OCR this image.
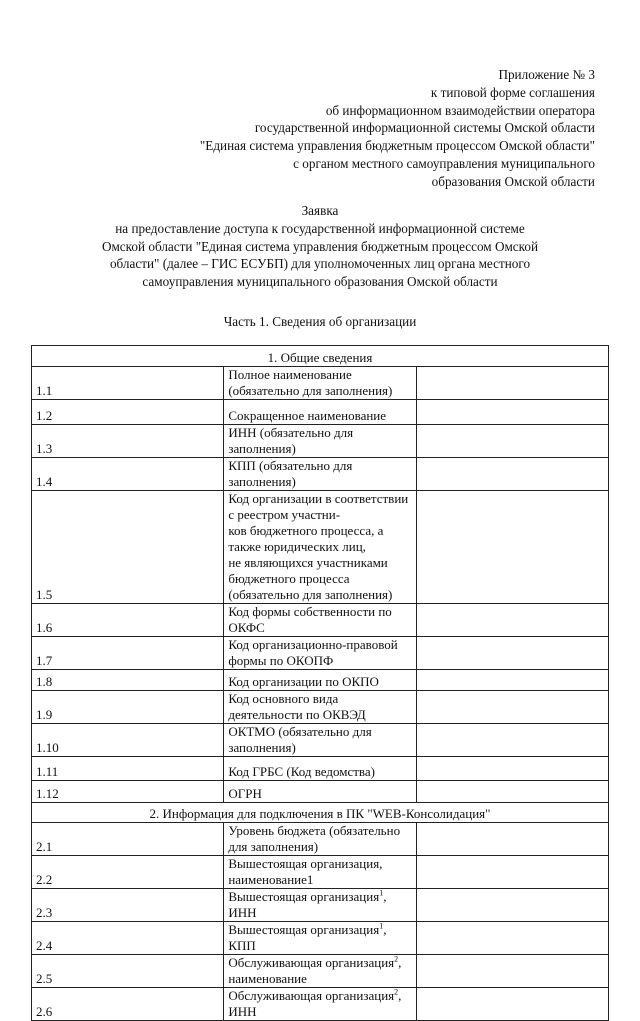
Приложение № 3
к типовой форме соглашения
об информационном взаимодействии оператора
государственной информационной системы Омской области
"Единая система управления бюджетным процессом Омской области"
с органом местного самоуправления муниципального
образования Омской области
Заявка
на предоставление доступа к государственной информационной системе
Омской области "Единая система управления бюджетным процессом Омской
области" (далее – ГИС ЕСУБП) для уполномоченных лиц органа местного
самоуправления муниципального образования Омской области
Часть 1. Сведения об организации
1. Общие сведения		
1.1	Полное наименование (обязательно для заполнения)	
1.2	Сокращенное наименование	
1.3	ИНН (обязательно для заполнения)	
1.4	КПП (обязательно для заполнения)	
1.5	Код организации в соответствии с реестром участни-
ков бюджетного процесса, а также юридических лиц,
не являющихся участниками бюджетного процесса
(обязательно для заполнения)	

1.6	Код формы собственности по ОКФС	
1.7	Код организационно-правовой формы по ОКОПФ	
1.8	Код организации по ОКПО	
1.9	Код основного вида деятельности по ОКВЭД	
1.10	ОКТМО (обязательно для заполнения)	
1.11	Код ГРБС (Код ведомства)	
1.12	ОГРН	
2. Информация для подключения в ПК "WEB-Консолидация"		
2.1	Уровень бюджета (обязательно для заполнения)	
2.2	Вышестоящая организация, наименование1	
2.3	Вышестоящая организация$^1$, ИНН	
2.4	Вышестоящая организация$^1$, КПП	
2.5	Обслуживающая организация$^2$, наименование	
2.6	Обслуживающая организация$^2$, ИНН	
